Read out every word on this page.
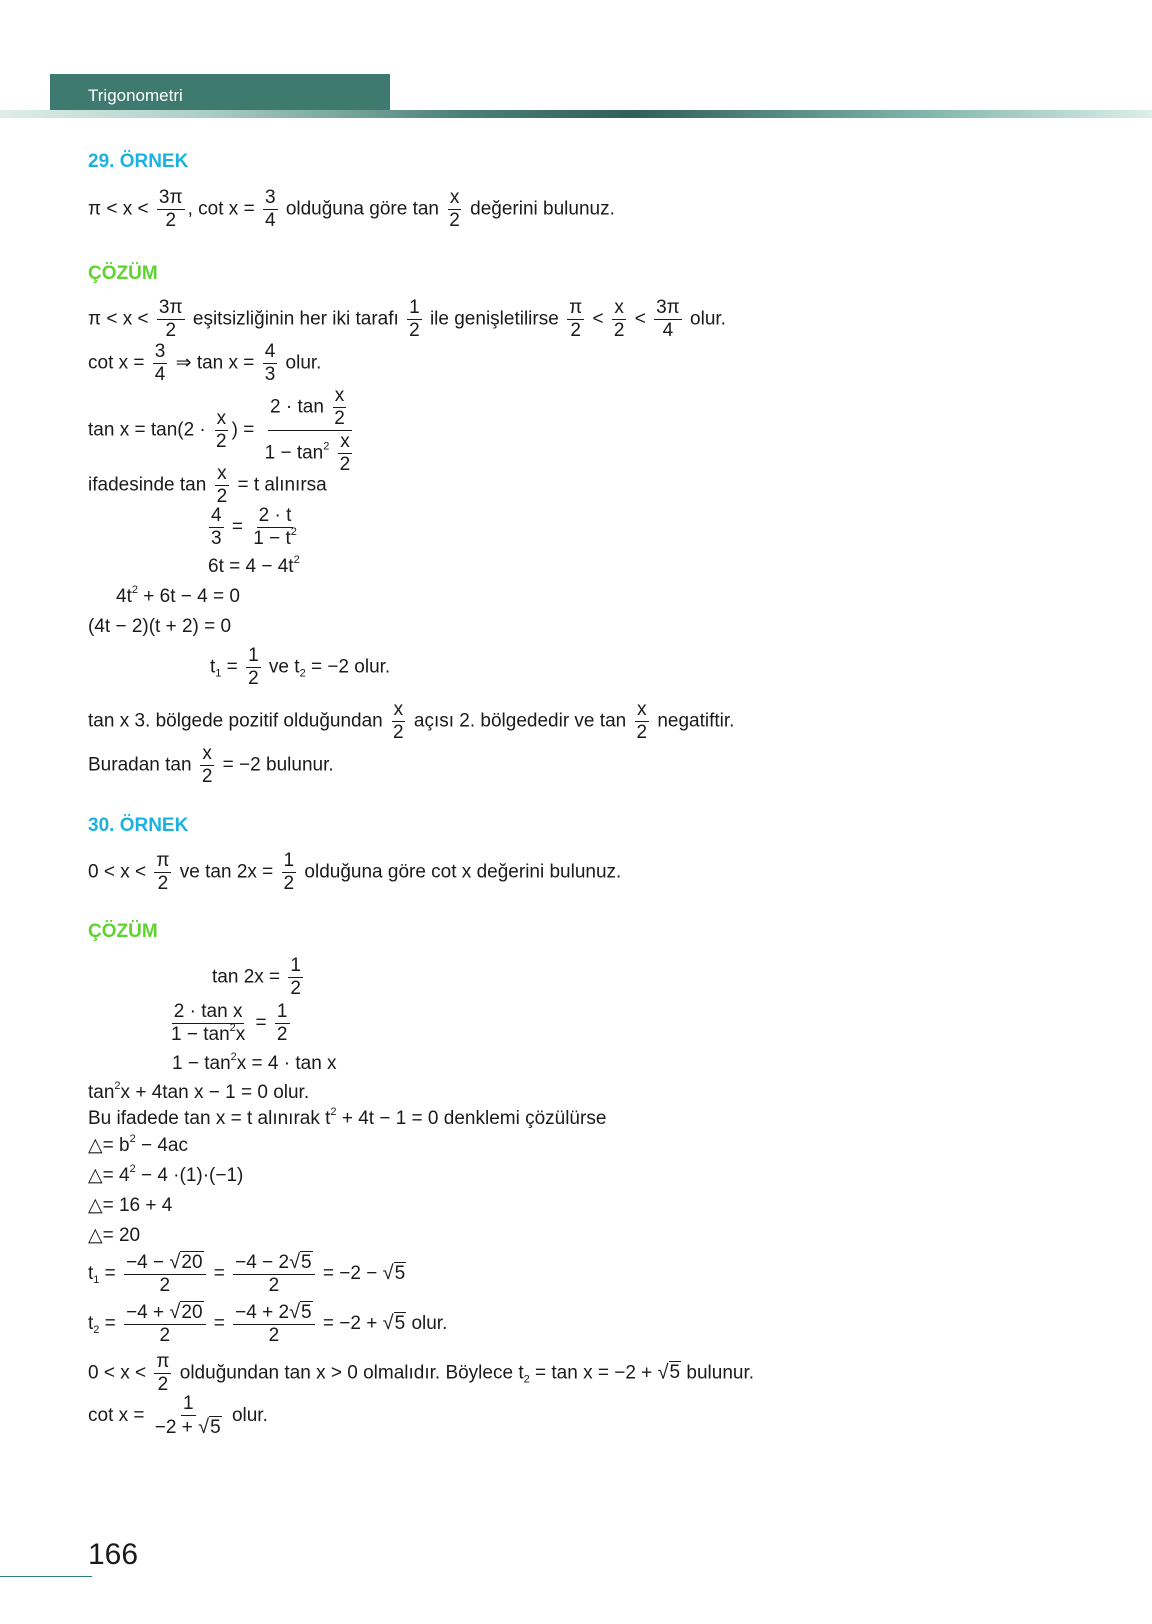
Trigonometri
29. ÖRNEK
$\pi < x < \frac{3\pi}{2}$ , $\cot x = \frac{3}{4}$ olduğuna göre $\tan \frac{x}{2}$ değerini bulunuz.
ÇÖZÜM
$\pi < x < \frac{3\pi}{2}$ eşitsizliğinin her iki tarafı $\frac{1}{2}$ ile genişletilirse $\frac{\pi}{2} < \frac{x}{2} < \frac{3\pi}{4}$ olur.
$\cot x = \frac{3}{4}$ ⇒ $\tan x = \frac{4}{3}$ olur.
$\tan x = \tan(2 \cdot \frac{x}{2}$ ) = $\frac{2 \cdot \tan \frac{x}{2}}{1 - \tan^2 \frac{x}{2}}$
ifadesinde $\tan \frac{x}{2} = t$ alınırsa
$\frac{4}{3} = \frac{2 \cdot t}{1 - t^2}$
$6t = 4 - 4t^2$
$4t^2 + 6t - 4 = 0$
(4t − 2)(t + 2) = 0
$t_1 = \frac{1}{2}$ ve $t_2 = -2$ olur.
tan x 3. bölgede pozitif olduğundan $\frac{x}{2}$ açısı 2. bölgededir ve $\tan \frac{x}{2}$ negatiftir.
Buradan $\tan \frac{x}{2} = -2$ bulunur.
30. ÖRNEK
$0 < x < \frac{\pi}{2}$ ve $\tan 2x = \frac{1}{2}$ olduğuna göre cot x değerini bulunuz.
ÇÖZÜM
$\tan 2x = \frac{1}{2}$
$\frac{\text{2 · tan x}}{1 - \tan^2x} = \frac{1}{2}$
$1 - \tan^2x = 4 \cdot \tan x$
$\tan^2x + 4\tan$ x − 1 = 0 olur.
Bu ifadede tan x = t alınırak $t^2 + 4t - 1 = 0$ denklemi çözülürse
△= $b^2 - 4ac$
△= $4^2 - 4 \cdot(1)\cdot(-1)$
△= 16 + 4
△= 20
$t_1 = \frac{-4 - √20}{2} = \frac{-4 - 2√5}{2} = -2 - √5$
$t_2 = \frac{-4 + √20}{2} = \frac{-4 + 2√5}{2} = -2 + √5$ olur.
$0 < x < \frac{\pi}{2}$ olduğundan tan x > 0 olmalıdır. Böylece $t_2 = \tan x = -2 + √5$ bulunur.
$\cot x = \frac{1}{-2 + √5}$ olur.
166
